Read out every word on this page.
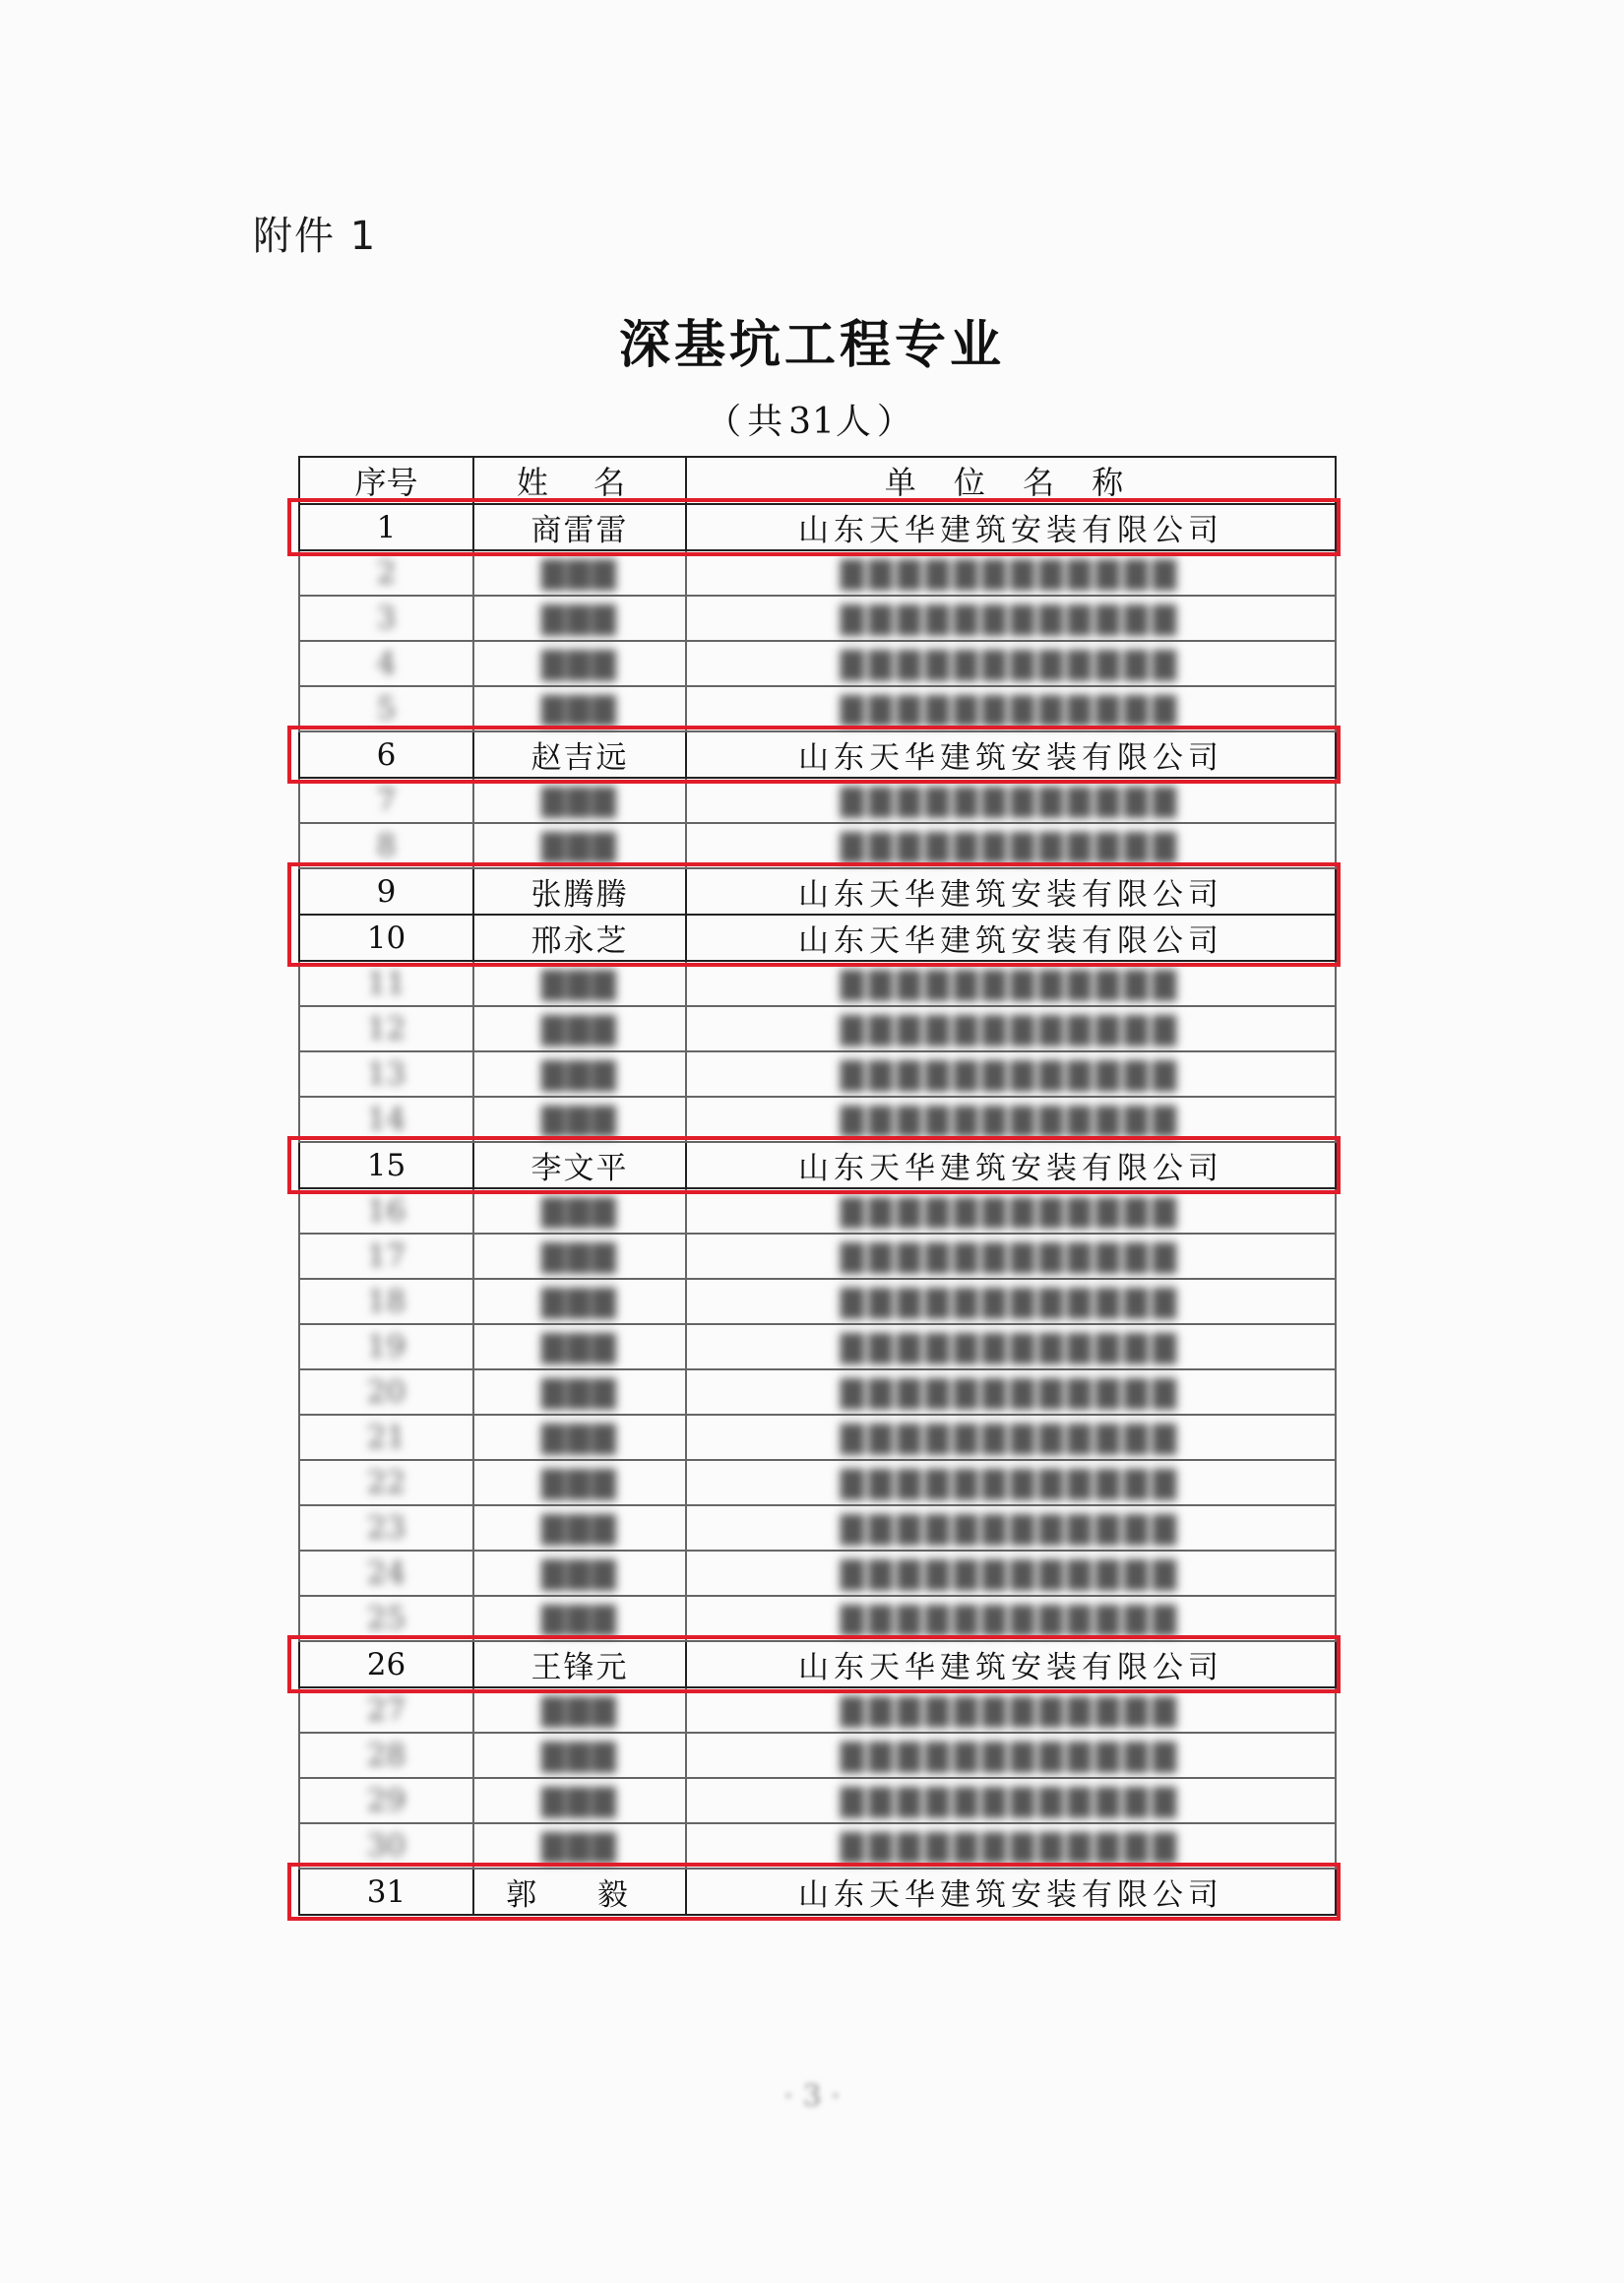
附件 1
深基坑工程专业
（共31人）
序号	姓 名	单 位 名 称
1	商雷雷	山东天华建筑安装有限公司
2	▇▇▇	▇▇▇▇▇▇▇▇▇▇▇▇
3	▇▇▇	▇▇▇▇▇▇▇▇▇▇▇▇
4	▇▇▇	▇▇▇▇▇▇▇▇▇▇▇▇
5	▇▇▇	▇▇▇▇▇▇▇▇▇▇▇▇
6	赵吉远	山东天华建筑安装有限公司
7	▇▇▇	▇▇▇▇▇▇▇▇▇▇▇▇
8	▇▇▇	▇▇▇▇▇▇▇▇▇▇▇▇
9	张腾腾	山东天华建筑安装有限公司
10	邢永芝	山东天华建筑安装有限公司
11	▇▇▇	▇▇▇▇▇▇▇▇▇▇▇▇
12	▇▇▇	▇▇▇▇▇▇▇▇▇▇▇▇
13	▇▇▇	▇▇▇▇▇▇▇▇▇▇▇▇
14	▇▇▇	▇▇▇▇▇▇▇▇▇▇▇▇
15	李文平	山东天华建筑安装有限公司
16	▇▇▇	▇▇▇▇▇▇▇▇▇▇▇▇
17	▇▇▇	▇▇▇▇▇▇▇▇▇▇▇▇
18	▇▇▇	▇▇▇▇▇▇▇▇▇▇▇▇
19	▇▇▇	▇▇▇▇▇▇▇▇▇▇▇▇
20	▇▇▇	▇▇▇▇▇▇▇▇▇▇▇▇
21	▇▇▇	▇▇▇▇▇▇▇▇▇▇▇▇
22	▇▇▇	▇▇▇▇▇▇▇▇▇▇▇▇
23	▇▇▇	▇▇▇▇▇▇▇▇▇▇▇▇
24	▇▇▇	▇▇▇▇▇▇▇▇▇▇▇▇
25	▇▇▇	▇▇▇▇▇▇▇▇▇▇▇▇
26	王锋元	山东天华建筑安装有限公司
27	▇▇▇	▇▇▇▇▇▇▇▇▇▇▇▇
28	▇▇▇	▇▇▇▇▇▇▇▇▇▇▇▇
29	▇▇▇	▇▇▇▇▇▇▇▇▇▇▇▇
30	▇▇▇	▇▇▇▇▇▇▇▇▇▇▇▇
31	郭 毅	山东天华建筑安装有限公司
· 3 ·
